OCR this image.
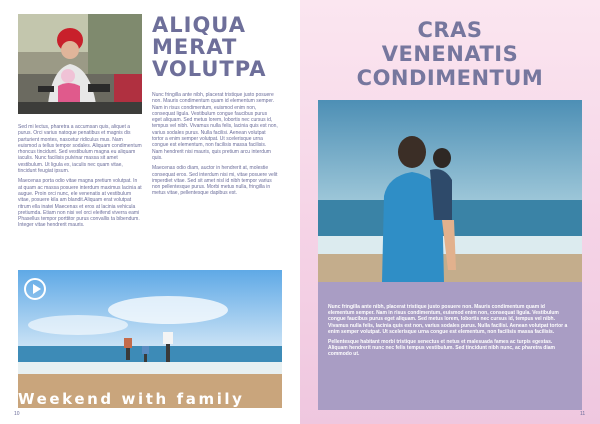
ALIQUA
MERAT
VOLUTPA

Sed mi lectus, pharetra a accumsan quis, aliquet a purus. Orci varius natoque penatibus et magnis dis parturient montes, nascetur ridiculus mus. Nam euismod a tellus tempor sodales. Aliquam condimentum rhoncus tincidunt. Sed vestibulum magna eu aliquam iaculis. Nunc facilisis pulvinar massa sit amet vestibulum. Ut ligula ex, iaculis nec quam vitae, tincidunt feugiat ipsum.

Maecenas porta odio vitae magna pretium volutpat. In at quam ac massa posuere interdum maximus lacinia at augue. Proin orci nunc, ele venenatis at vestibulum vitae, posuere kila am blandit.Aliquam erat volutpat ritrum ella inatei Maecenas et eros at lacinia vehicula pretiumda. Etiam non nisi vel orci eleifend viverra eami Phasellus tempor porttitor purus convallis ta bibendum. Integer vitae hendrerit mauris.

Nunc fringilla ante nibh, placerat tristique justo posuere non. Mauris condimentum quam id elementum semper. Nam in risus condimentum, euismod enim non, consequat ligula. Vestibulum congue faucibus purus eget aliquam. Sed metus lorem, lobortis nec cursus id, tempus vel nibh. Vivamus nulla felis, lacinia quis est non, varius sodales purus. Nulla facilisi. Aenean volutpat tortor a enim semper volutpat. Ut scelerisque urna congue est elementum, non facilisis massa facilisis. Nam hendrerit nisi mauris, quis pretium arcu interdum quis.

Maecenas odio diam, auctor in hendrerit at, molestie consequat eros. Sed interdum nisi mi, vitae posuere velit imperdiet vitae. Sed sit amet nisl id nibh tempor varius non pellentesque purus. Morbi metus nulla, fringilla in metus vitae, pellentesque dapibus est.

Weekend with family
10
CRAS
VENENATIS
CONDIMENTUM

Nunc fringilla ante nibh, placerat tristique justo posuere non. Mauris condimentum quam id elementum semper. Nam in risus condimentum, euismod enim non, consequat ligula. Vestibulum congue faucibus purus eget aliquam. Sed metus lorem, lobortis nec cursus id, tempus vel nibh. Vivamus nulla felis, lacinia quis est non, varius sodales purus. Nulla facilisi. Aenean volutpat tortor a enim semper volutpat. Ut scelerisque urna congue est elementum, non facilisis massa facilisis.

Pellentesque habitant morbi tristique senectus et netus et malesuada fames ac turpis egestas. Aliquam hendrerit nunc nec felis tempus vestibulum. Sed tincidunt nibh nunc, ac pharetra diam commodo ut.

11
